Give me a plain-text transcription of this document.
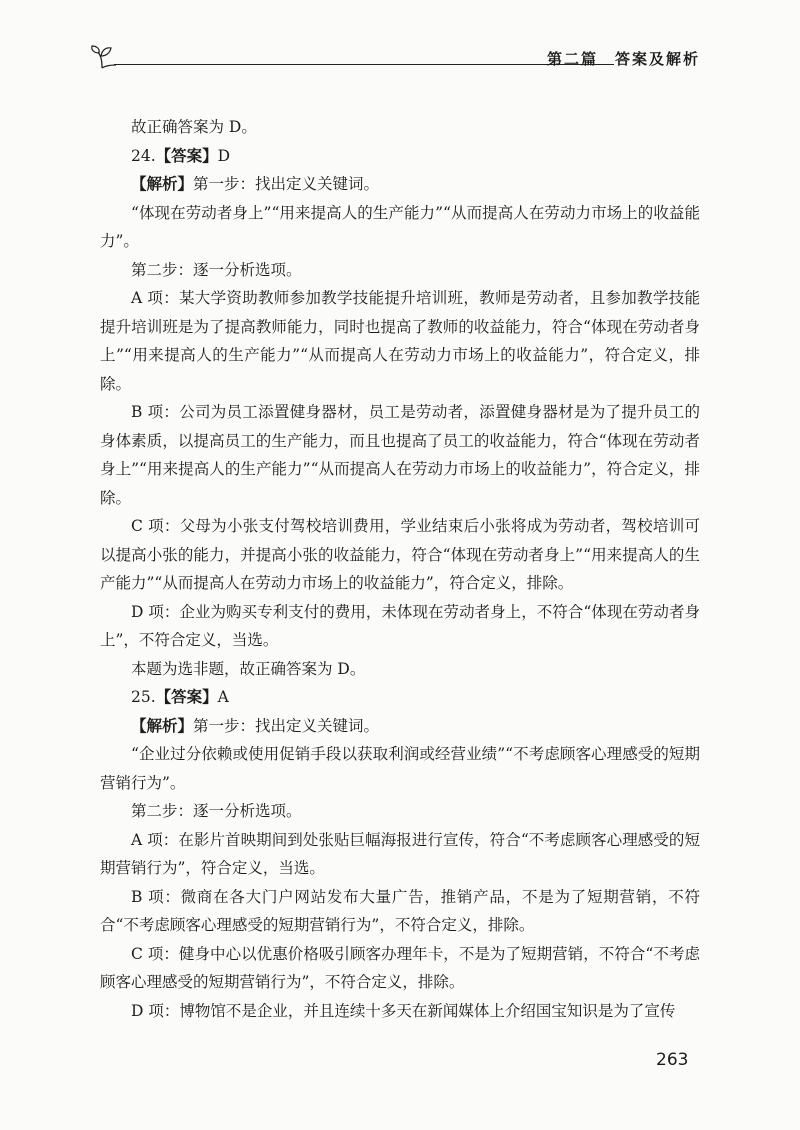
第二篇　答案及解析

故正确答案为 D。

24.【答案】D

【解析】第一步：找出定义关键词。

“体现在劳动者身上”“用来提高人的生产能力”“从而提高人在劳动力市场上的收益能力”。

第二步：逐一分析选项。

A 项：某大学资助教师参加教学技能提升培训班，教师是劳动者，且参加教学技能提升培训班是为了提高教师能力，同时也提高了教师的收益能力，符合“体现在劳动者身上”“用来提高人的生产能力”“从而提高人在劳动力市场上的收益能力”，符合定义，排除。

B 项：公司为员工添置健身器材，员工是劳动者，添置健身器材是为了提升员工的身体素质，以提高员工的生产能力，而且也提高了员工的收益能力，符合“体现在劳动者身上”“用来提高人的生产能力”“从而提高人在劳动力市场上的收益能力”，符合定义，排除。

C 项：父母为小张支付驾校培训费用，学业结束后小张将成为劳动者，驾校培训可以提高小张的能力，并提高小张的收益能力，符合“体现在劳动者身上”“用来提高人的生产能力”“从而提高人在劳动力市场上的收益能力”，符合定义，排除。

D 项：企业为购买专利支付的费用，未体现在劳动者身上，不符合“体现在劳动者身上”，不符合定义，当选。

本题为选非题，故正确答案为 D。

25.【答案】A

【解析】第一步：找出定义关键词。

“企业过分依赖或使用促销手段以获取利润或经营业绩”“不考虑顾客心理感受的短期营销行为”。

第二步：逐一分析选项。

A 项：在影片首映期间到处张贴巨幅海报进行宣传，符合“不考虑顾客心理感受的短期营销行为”，符合定义，当选。

B 项：微商在各大门户网站发布大量广告，推销产品，不是为了短期营销，不符合“不考虑顾客心理感受的短期营销行为”，不符合定义，排除。

C 项：健身中心以优惠价格吸引顾客办理年卡，不是为了短期营销，不符合“不考虑顾客心理感受的短期营销行为”，不符合定义，排除。

D 项：博物馆不是企业，并且连续十多天在新闻媒体上介绍国宝知识是为了宣传

263
